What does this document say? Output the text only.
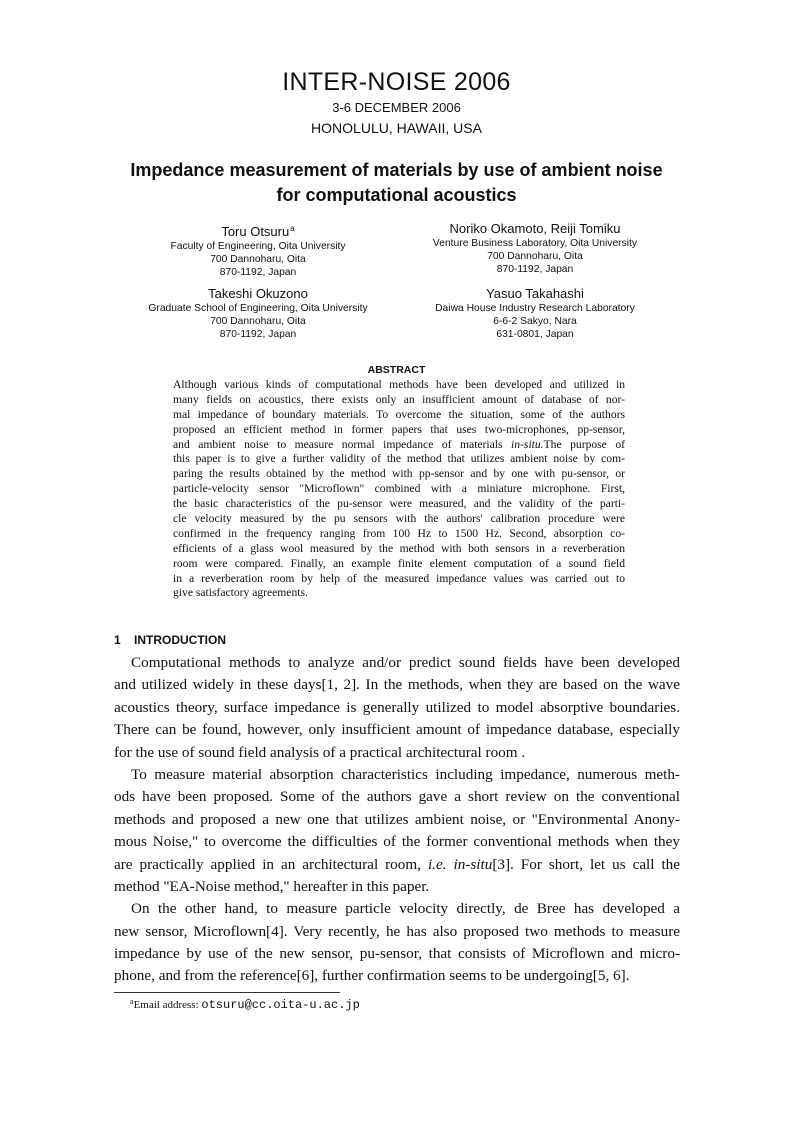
INTER-NOISE 2006
3-6 DECEMBER 2006
HONOLULU, HAWAII, USA
Impedance measurement of materials by use of ambient noise
for computational acoustics
Toru Otsuru$^a$
Faculty of Engineering, Oita University
700 Dannoharu, Oita
870-1192, Japan
Noriko Okamoto, Reiji Tomiku
Venture Business Laboratory, Oita University
700 Dannoharu, Oita
870-1192, Japan
Takeshi Okuzono
Graduate School of Engineering, Oita University
700 Dannoharu, Oita
870-1192, Japan
Yasuo Takahashi
Daiwa House Industry Research Laboratory
6-6-2 Sakyo, Nara
631-0801, Japan
ABSTRACT
Although various kinds of computational methods have been developed and utilized in
many fields on acoustics, there exists only an insufficient amount of database of nor-
mal impedance of boundary materials. To overcome the situation, some of the authors
proposed an efficient method in former papers that uses two-microphones, pp-sensor,
and ambient noise to measure normal impedance of materials in-situ.The purpose of
this paper is to give a further validity of the method that utilizes ambient noise by com-
paring the results obtained by the method with pp-sensor and by one with pu-sensor, or
particle-velocity sensor "Microflown" combined with a miniature microphone. First,
the basic characteristics of the pu-sensor were measured, and the validity of the parti-
cle velocity measured by the pu sensors with the authors' calibration procedure were
confirmed in the frequency ranging from 100 Hz to 1500 Hz. Second, absorption co-
efficients of a glass wool measured by the method with both sensors in a reverberation
room were compared. Finally, an example finite element computation of a sound field
in a reverberation room by help of the measured impedance values was carried out to
give satisfactory agreements.
1 INTRODUCTION
Computational methods to analyze and/or predict sound fields have been developed
and utilized widely in these days[1, 2]. In the methods, when they are based on the wave
acoustics theory, surface impedance is generally utilized to model absorptive boundaries.
There can be found, however, only insufficient amount of impedance database, especially
for the use of sound field analysis of a practical architectural room .
To measure material absorption characteristics including impedance, numerous meth-
ods have been proposed. Some of the authors gave a short review on the conventional
methods and proposed a new one that utilizes ambient noise, or "Environmental Anony-
mous Noise," to overcome the difficulties of the former conventional methods when they
are practically applied in an architectural room, i.e. in-situ[3]. For short, let us call the
method "EA-Noise method," hereafter in this paper.
On the other hand, to measure particle velocity directly, de Bree has developed a
new sensor, Microflown[4]. Very recently, he has also proposed two methods to measure
impedance by use of the new sensor, pu-sensor, that consists of Microflown and micro-
phone, and from the reference[6], further confirmation seems to be undergoing[5, 6].
$^a$Email address: otsuru@cc.oita-u.ac.jp
